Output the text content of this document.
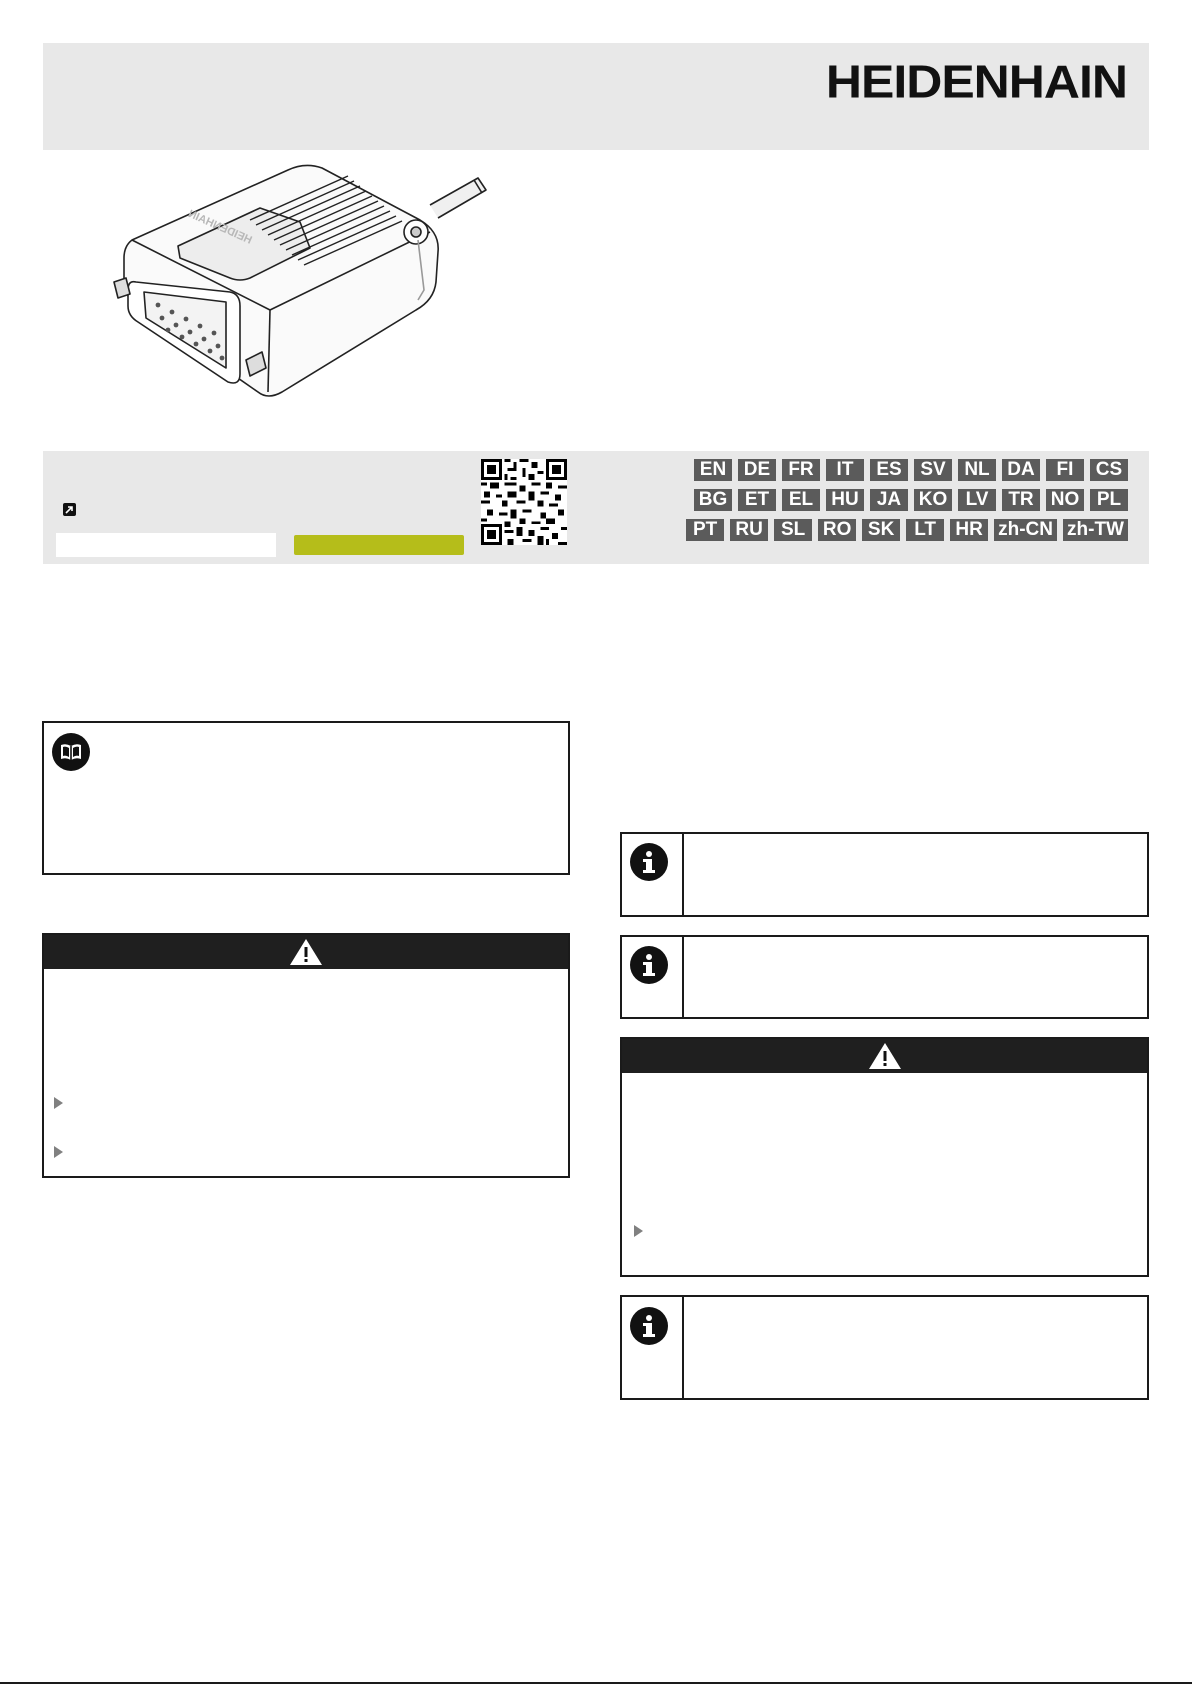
HEIDENHAIN
HEIDENHAIN
EN DE FR	IT	ES SV NL DA	FI	CS
BG ET	EL HU JA KO LV	TR NO PL
PT RU SL RO SK	LT	HR zh-CN zh-TW
